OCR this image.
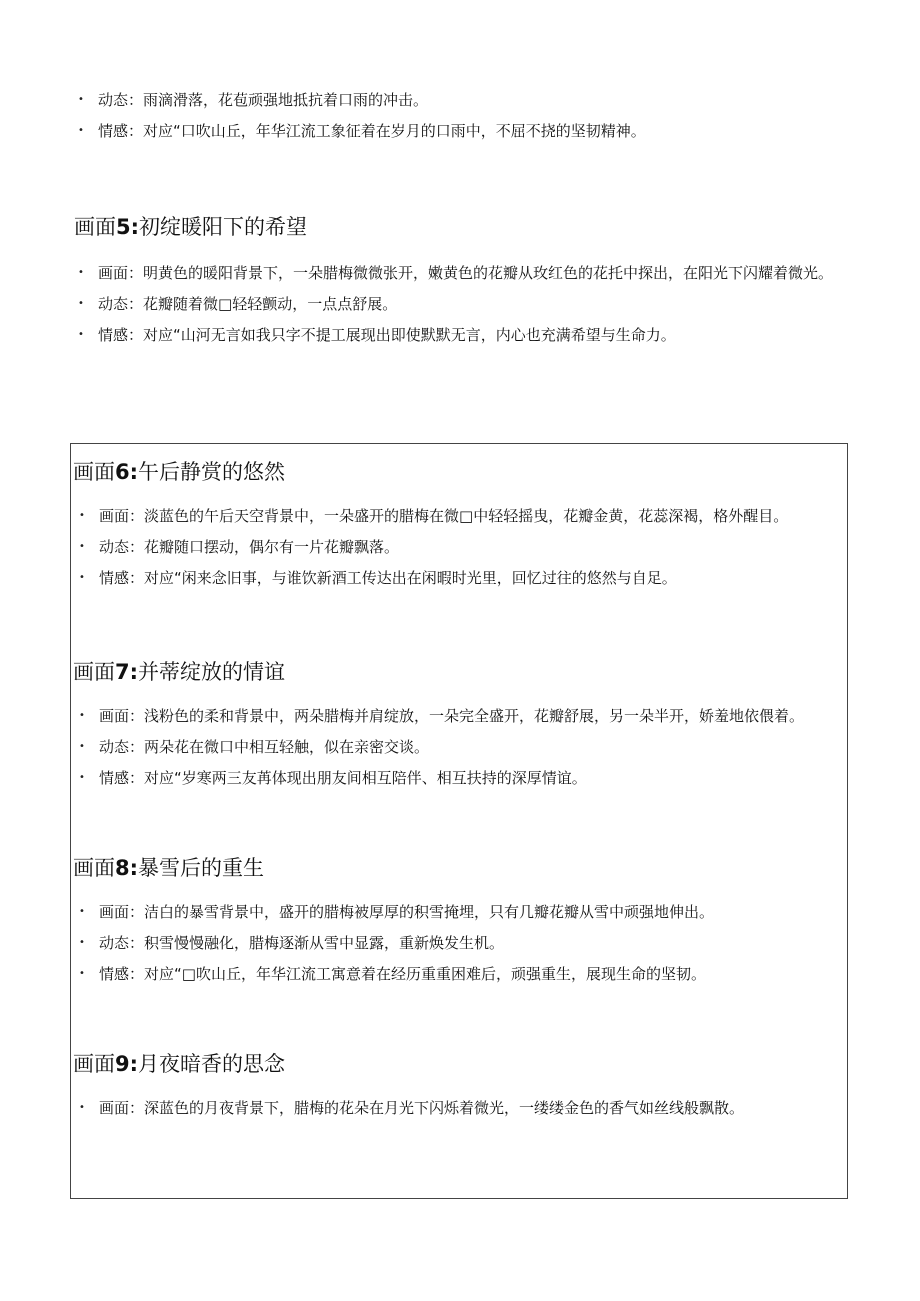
• 动态：雨滴滑落，花苞顽强地抵抗着口雨的冲击。
• 情感：对应“口吹山丘，年华江流工象征着在岁月的口雨中，不屈不挠的坚韧精神。
画面5:初绽暖阳下的希望
• 画面：明黄色的暖阳背景下，一朵腊梅微微张开，嫩黄色的花瓣从玫红色的花托中探出，在阳光下闪耀着微光。
• 动态：花瓣随着微□轻轻颤动，一点点舒展。
• 情感：对应“山河无言如我只字不提工展现出即使默默无言，内心也充满希望与生命力。
画面6:午后静赏的悠然
• 画面：淡蓝色的午后天空背景中，一朵盛开的腊梅在微□中轻轻摇曳，花瓣金黄，花蕊深褐，格外醒目。
• 动态：花瓣随口摆动，偶尔有一片花瓣飘落。
• 情感：对应“闲来念旧事，与谁饮新酒工传达出在闲暇时光里，回忆过往的悠然与自足。
画面7:并蒂绽放的情谊
• 画面：浅粉色的柔和背景中，两朵腊梅并肩绽放，一朵完全盛开，花瓣舒展，另一朵半开，娇羞地依偎着。
• 动态：两朵花在微口中相互轻触，似在亲密交谈。
• 情感：对应“岁寒两三友苒体现出朋友间相互陪伴、相互扶持的深厚情谊。
画面8:暴雪后的重生
• 画面：洁白的暴雪背景中，盛开的腊梅被厚厚的积雪掩埋，只有几瓣花瓣从雪中顽强地伸出。
• 动态：积雪慢慢融化，腊梅逐渐从雪中显露，重新焕发生机。
• 情感：对应“□吹山丘，年华江流工寓意着在经历重重困难后，顽强重生，展现生命的坚韧。
画面9:月夜暗香的思念
• 画面：深蓝色的月夜背景下，腊梅的花朵在月光下闪烁着微光，一缕缕金色的香气如丝线般飘散。
